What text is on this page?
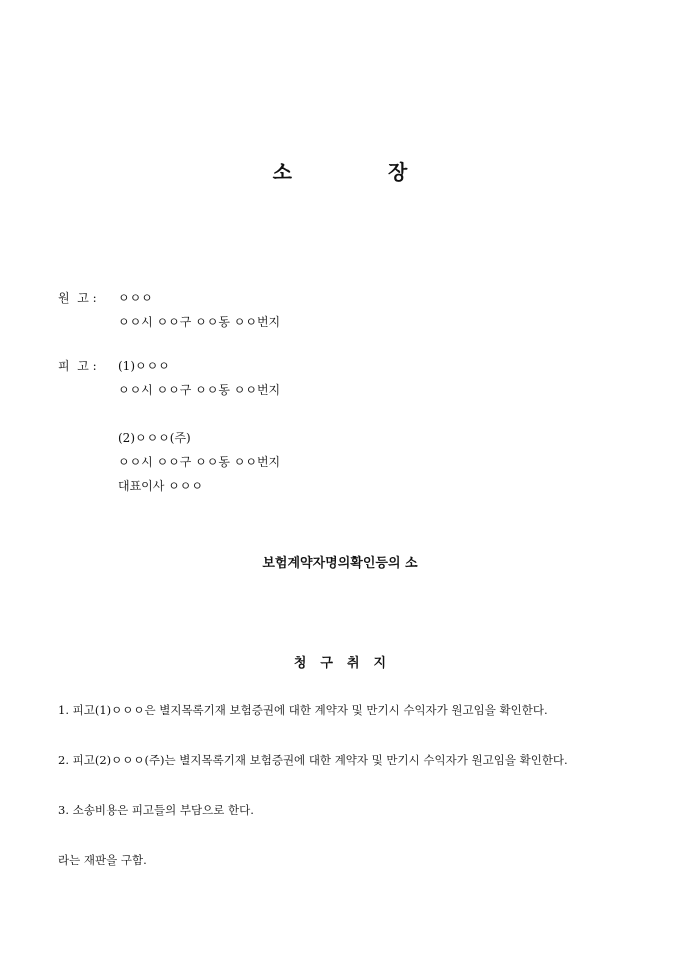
소	장
원  고 :	ㅇㅇㅇ
ㅇㅇ시 ㅇㅇ구 ㅇㅇ동 ㅇㅇ번지
피  고 :	(1)ㅇㅇㅇ
ㅇㅇ시 ㅇㅇ구 ㅇㅇ동 ㅇㅇ번지
(2)ㅇㅇㅇ(주)
ㅇㅇ시 ㅇㅇ구 ㅇㅇ동 ㅇㅇ번지
대표이사 ㅇㅇㅇ
보험계약자명의확인등의 소
청구취지
1. 피고(1)ㅇㅇㅇ은 별지목록기재 보험증권에 대한 계약자 및 만기시 수익자가 원고임을 확인한다.
2. 피고(2)ㅇㅇㅇ(주)는 별지목록기재 보험증권에 대한 계약자 및 만기시 수익자가 원고임을 확인한다.
3. 소송비용은 피고들의 부담으로 한다.
라는 재판을 구함.
